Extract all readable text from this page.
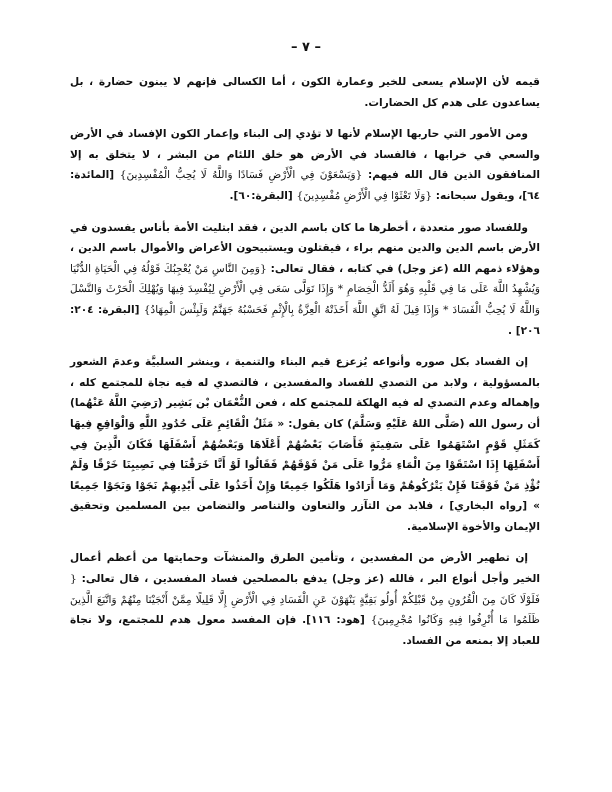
– ٧ –

قيمه لأن الإسلام يسعى للخير وعمارة الكون ، أما الكسالى فإنهم لا يبنون حضارة ، بل يساعدون على هدم كل الحضارات.

ومن الأمور التي حاربها الإسلام لأنها لا تؤدي إلى البناء وإعمار الكون الإفساد في الأرض والسعي في خرابها ، فالفساد في الأرض هو خلق اللئام من البشر ، لا يتخلق به إلا المنافقون الذين قال الله فيهم: {وَيَسْعَوْنَ فِي الْأَرْضِ فَسَادًا وَاللَّهُ لَا يُحِبُّ الْمُفْسِدِينَ} [المائدة: ٦٤]، ويقول سبحانه: {وَلَا تَعْثَوْا فِي الْأَرْضِ مُفْسِدِينَ} [البقرة:٦٠].

وللفساد صور متعددة ، أخطرها ما كان باسم الدين ، فقد ابتليت الأمة بأناس يفسدون في الأرض باسم الدين والدين منهم براء ، فيقتلون ويستبيحون الأعراض والأموال باسم الدين ، وهؤلاء ذمهم الله (عز وجل) في كتابه ، فقال تعالى: {وَمِنَ النَّاسِ مَنْ يُعْجِبُكَ قَوْلُهُ فِي الْحَيَاةِ الدُّنْيَا وَيُشْهِدُ اللَّهَ عَلَى مَا فِي قَلْبِهِ وَهُوَ أَلَدُّ الْخِصَامِ * وَإِذَا تَوَلَّى سَعَى فِي الْأَرْضِ لِيُفْسِدَ فِيهَا وَيُهْلِكَ الْحَرْثَ وَالنَّسْلَ وَاللَّهُ لَا يُحِبُّ الْفَسَادَ * وَإِذَا قِيلَ لَهُ اتَّقِ اللَّهَ أَخَذَتْهُ الْعِزَّةُ بِالْإِثْمِ فَحَسْبُهُ جَهَنَّمُ وَلَبِئْسَ الْمِهَادُ} [البقرة: ٢٠٤: ٢٠٦] .

إن الفساد بكل صوره وأنواعه يُزعزع قيم البناء والتنمية ، وينشر السلبيَّة وعدمَ الشعور بالمسؤولية ، ولابد من التصدي للفساد والمفسدين ، فالتصدي له فيه نجاة للمجتمع كله ، وإهماله وعدم التصدي له فيه الهلكة للمجتمع كله ، فعن النُّعْمَان بْن بَشِير (رَضِيَ اللَّهُ عَنْهُما) أن رسول الله (صَلَّى اللهُ عَلَيْهِ وَسَلَّمَ) كان يقول: « مَثَلُ الْقَائِمِ عَلَى حُدُودِ اللَّهِ وَالْوَاقِعِ فِيهَا كَمَثَلِ قَوْمٍ اسْتَهَمُوا عَلَى سَفِينَةٍ فَأَصَابَ بَعْضُهُمْ أَعْلَاهَا وَبَعْضُهُمْ أَسْفَلَهَا فَكَانَ الَّذِينَ فِي أَسْفَلِهَا إِذَا اسْتَقَوْا مِنَ الْمَاءِ مَرُّوا عَلَى مَنْ فَوْقَهُمْ فَقَالُوا لَوْ أَنَّا خَرَقْنَا فِي نَصِيبِنَا خَرْقًا وَلَمْ نُؤْذِ مَنْ فَوْقَنَا فَإِنْ يَتْرُكُوهُمْ وَمَا أَرَادُوا هَلَكُوا جَمِيعًا وَإِنْ أَخَذُوا عَلَى أَيْدِيهِمْ نَجَوْا وَنَجَوْا جَمِيعًا » [رواه البخاري] ، فلابد من التآزر والتعاون والتناصر والتضامن بين المسلمين وتحقيق الإيمان والأخوة الإسلامية.

إن تطهير الأرض من المفسدين ، وتأمين الطرق والمنشآت وحمايتها من أعظم أعمال الخير وأجل أنواع البر ، فالله (عز وجل) يدفع بالمصلحين فساد المفسدين ، قال تعالى: { فَلَوْلَا كَانَ مِنَ الْقُرُونِ مِنْ قَبْلِكُمْ أُولُو بَقِيَّةٍ يَنْهَوْنَ عَنِ الْفَسَادِ فِي الْأَرْضِ إِلَّا قَلِيلًا مِمَّنْ أَنْجَيْنَا مِنْهُمْ وَاتَّبَعَ الَّذِينَ ظَلَمُوا مَا أُتْرِفُوا فِيهِ وَكَانُوا مُجْرِمِينَ} [هود: ١١٦]. فإن المفسد معول هدم للمجتمع، ولا نجاة للعباد إلا بمنعه من الفساد.
